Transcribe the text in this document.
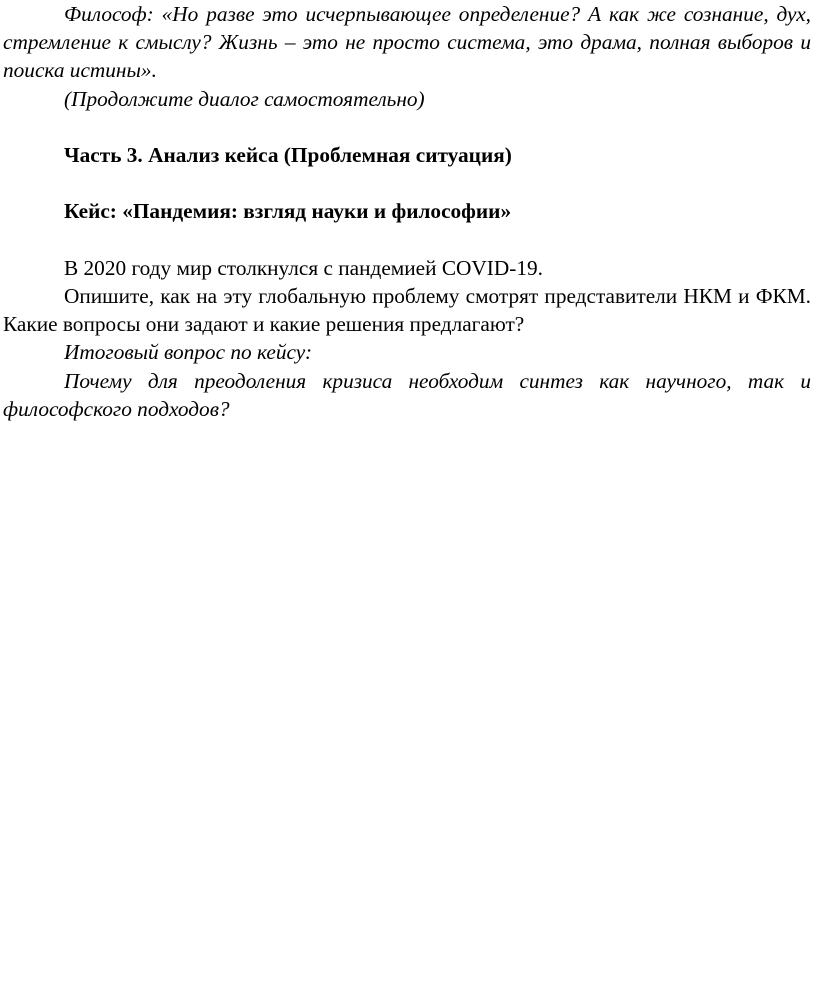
Философ: «Но разве это исчерпывающее определение? А как же сознание, дух, стремление к смыслу? Жизнь – это не просто система, это драма, полная выборов и поиска истины».

(Продолжите диалог самостоятельно)

Часть 3. Анализ кейса (Проблемная ситуация)

Кейс: «Пандемия: взгляд науки и философии»

В 2020 году мир столкнулся с пандемией COVID-19.

Опишите, как на эту глобальную проблему смотрят представители НКМ и ФКМ. Какие вопросы они задают и какие решения предлагают?

Итоговый вопрос по кейсу:

Почему для преодоления кризиса необходим синтез как научного, так и философского подходов?
